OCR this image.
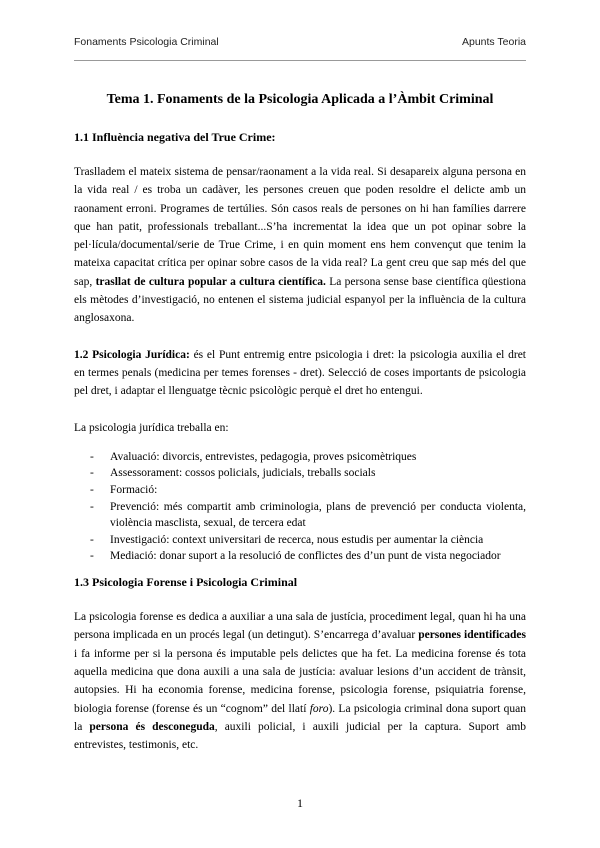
Fonaments Psicologia Criminal	Apunts Teoria
Tema 1. Fonaments de la Psicologia Aplicada a l’Àmbit Criminal
1.1 Influència negativa del True Crime:

Traslladem el mateix sistema de pensar/raonament a la vida real. Si desapareix alguna persona en la vida real / es troba un cadàver, les persones creuen que poden resoldre el delicte amb un raonament erroni. Programes de tertúlies. Són casos reals de persones on hi han famílies darrere que han patit, professionals treballant...S’ha incrementat la idea que un pot opinar sobre la pel·lícula/documental/serie de True Crime, i en quin moment ens hem convençut que tenim la mateixa capacitat crítica per opinar sobre casos de la vida real? La gent creu que sap més del que sap, trasllat de cultura popular a cultura científica. La persona sense base científica qüestiona els mètodes d’investigació, no entenen el sistema judicial espanyol per la influència de la cultura anglosaxona.

1.2 Psicologia Jurídica: és el Punt entremig entre psicologia i dret: la psicologia auxilia el dret en termes penals (medicina per temes forenses - dret). Selecció de coses importants de psicologia pel dret, i adaptar el llenguatge tècnic psicològic perquè el dret ho entengui.

La psicologia jurídica treballa en:

- Avaluació: divorcis, entrevistes, pedagogia, proves psicomètriques
- Assessorament: cossos policials, judicials, treballs socials
- Formació:
- Prevenció: més compartit amb criminologia, plans de prevenció per conducta violenta, violència masclista, sexual, de tercera edat
- Investigació: context universitari de recerca, nous estudis per aumentar la ciència
- Mediació: donar suport a la resolució de conflictes des d’un punt de vista negociador
1.3 Psicologia Forense i Psicologia Criminal

La psicologia forense es dedica a auxiliar a una sala de justícia, procediment legal, quan hi ha una persona implicada en un procés legal (un detingut). S’encarrega d’avaluar persones identificades i fa informe per si la persona és imputable pels delictes que ha fet. La medicina forense és tota aquella medicina que dona auxili a una sala de justícia: avaluar lesions d’un accident de trànsit, autopsies. Hi ha economia forense, medicina forense, psicologia forense, psiquiatria forense, biologia forense (forense és un “cognom” del llatí foro). La psicologia criminal dona suport quan la persona és desconeguda, auxili policial, i auxili judicial per la captura. Suport amb entrevistes, testimonis, etc.

1
